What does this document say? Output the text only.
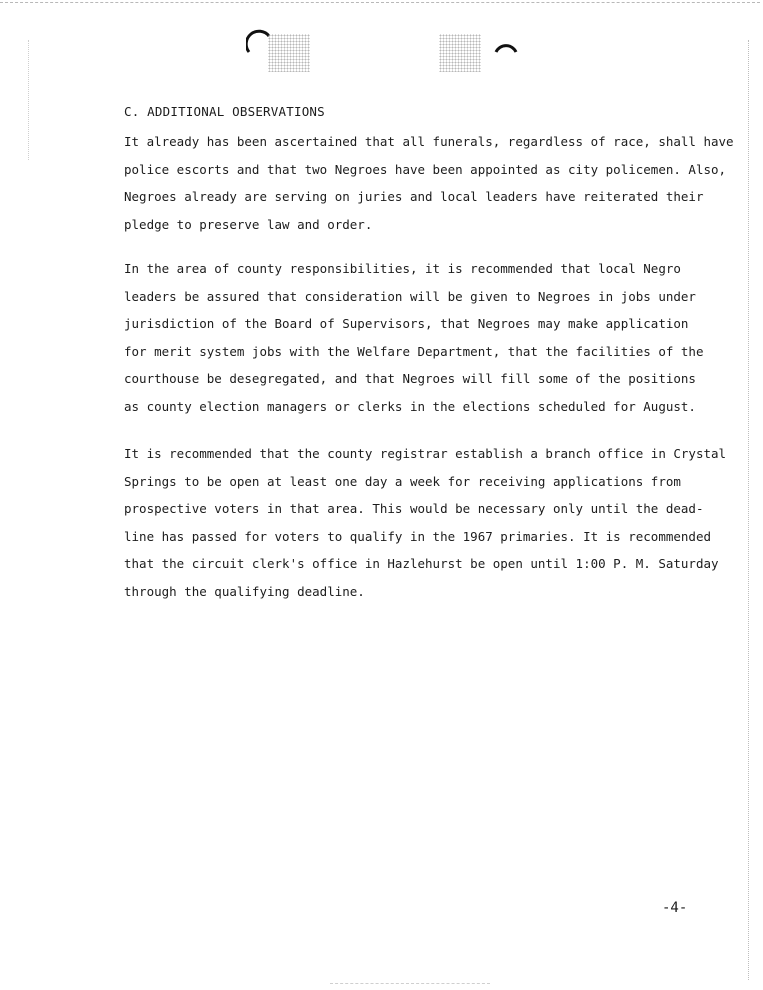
C. ADDITIONAL OBSERVATIONS

It already has been ascertained that all funerals, regardless of race, shall have
police escorts and that two Negroes have been appointed as city policemen. Also,
Negroes already are serving on juries and local leaders have reiterated their
pledge to preserve law and order.

In the area of county responsibilities, it is recommended that local Negro
leaders be assured that consideration will be given to Negroes in jobs under
jurisdiction of the Board of Supervisors, that Negroes may make application
for merit system jobs with the Welfare Department, that the facilities of the
courthouse be desegregated, and that Negroes will fill some of the positions
as county election managers or clerks in the elections scheduled for August.

It is recommended that the county registrar establish a branch office in Crystal
Springs to be open at least one day a week for receiving applications from
prospective voters in that area. This would be necessary only until the dead-
line has passed for voters to qualify in the 1967 primaries. It is recommended
that the circuit clerk's office in Hazlehurst be open until 1:00 P. M. Saturday
through the qualifying deadline.

-4-
